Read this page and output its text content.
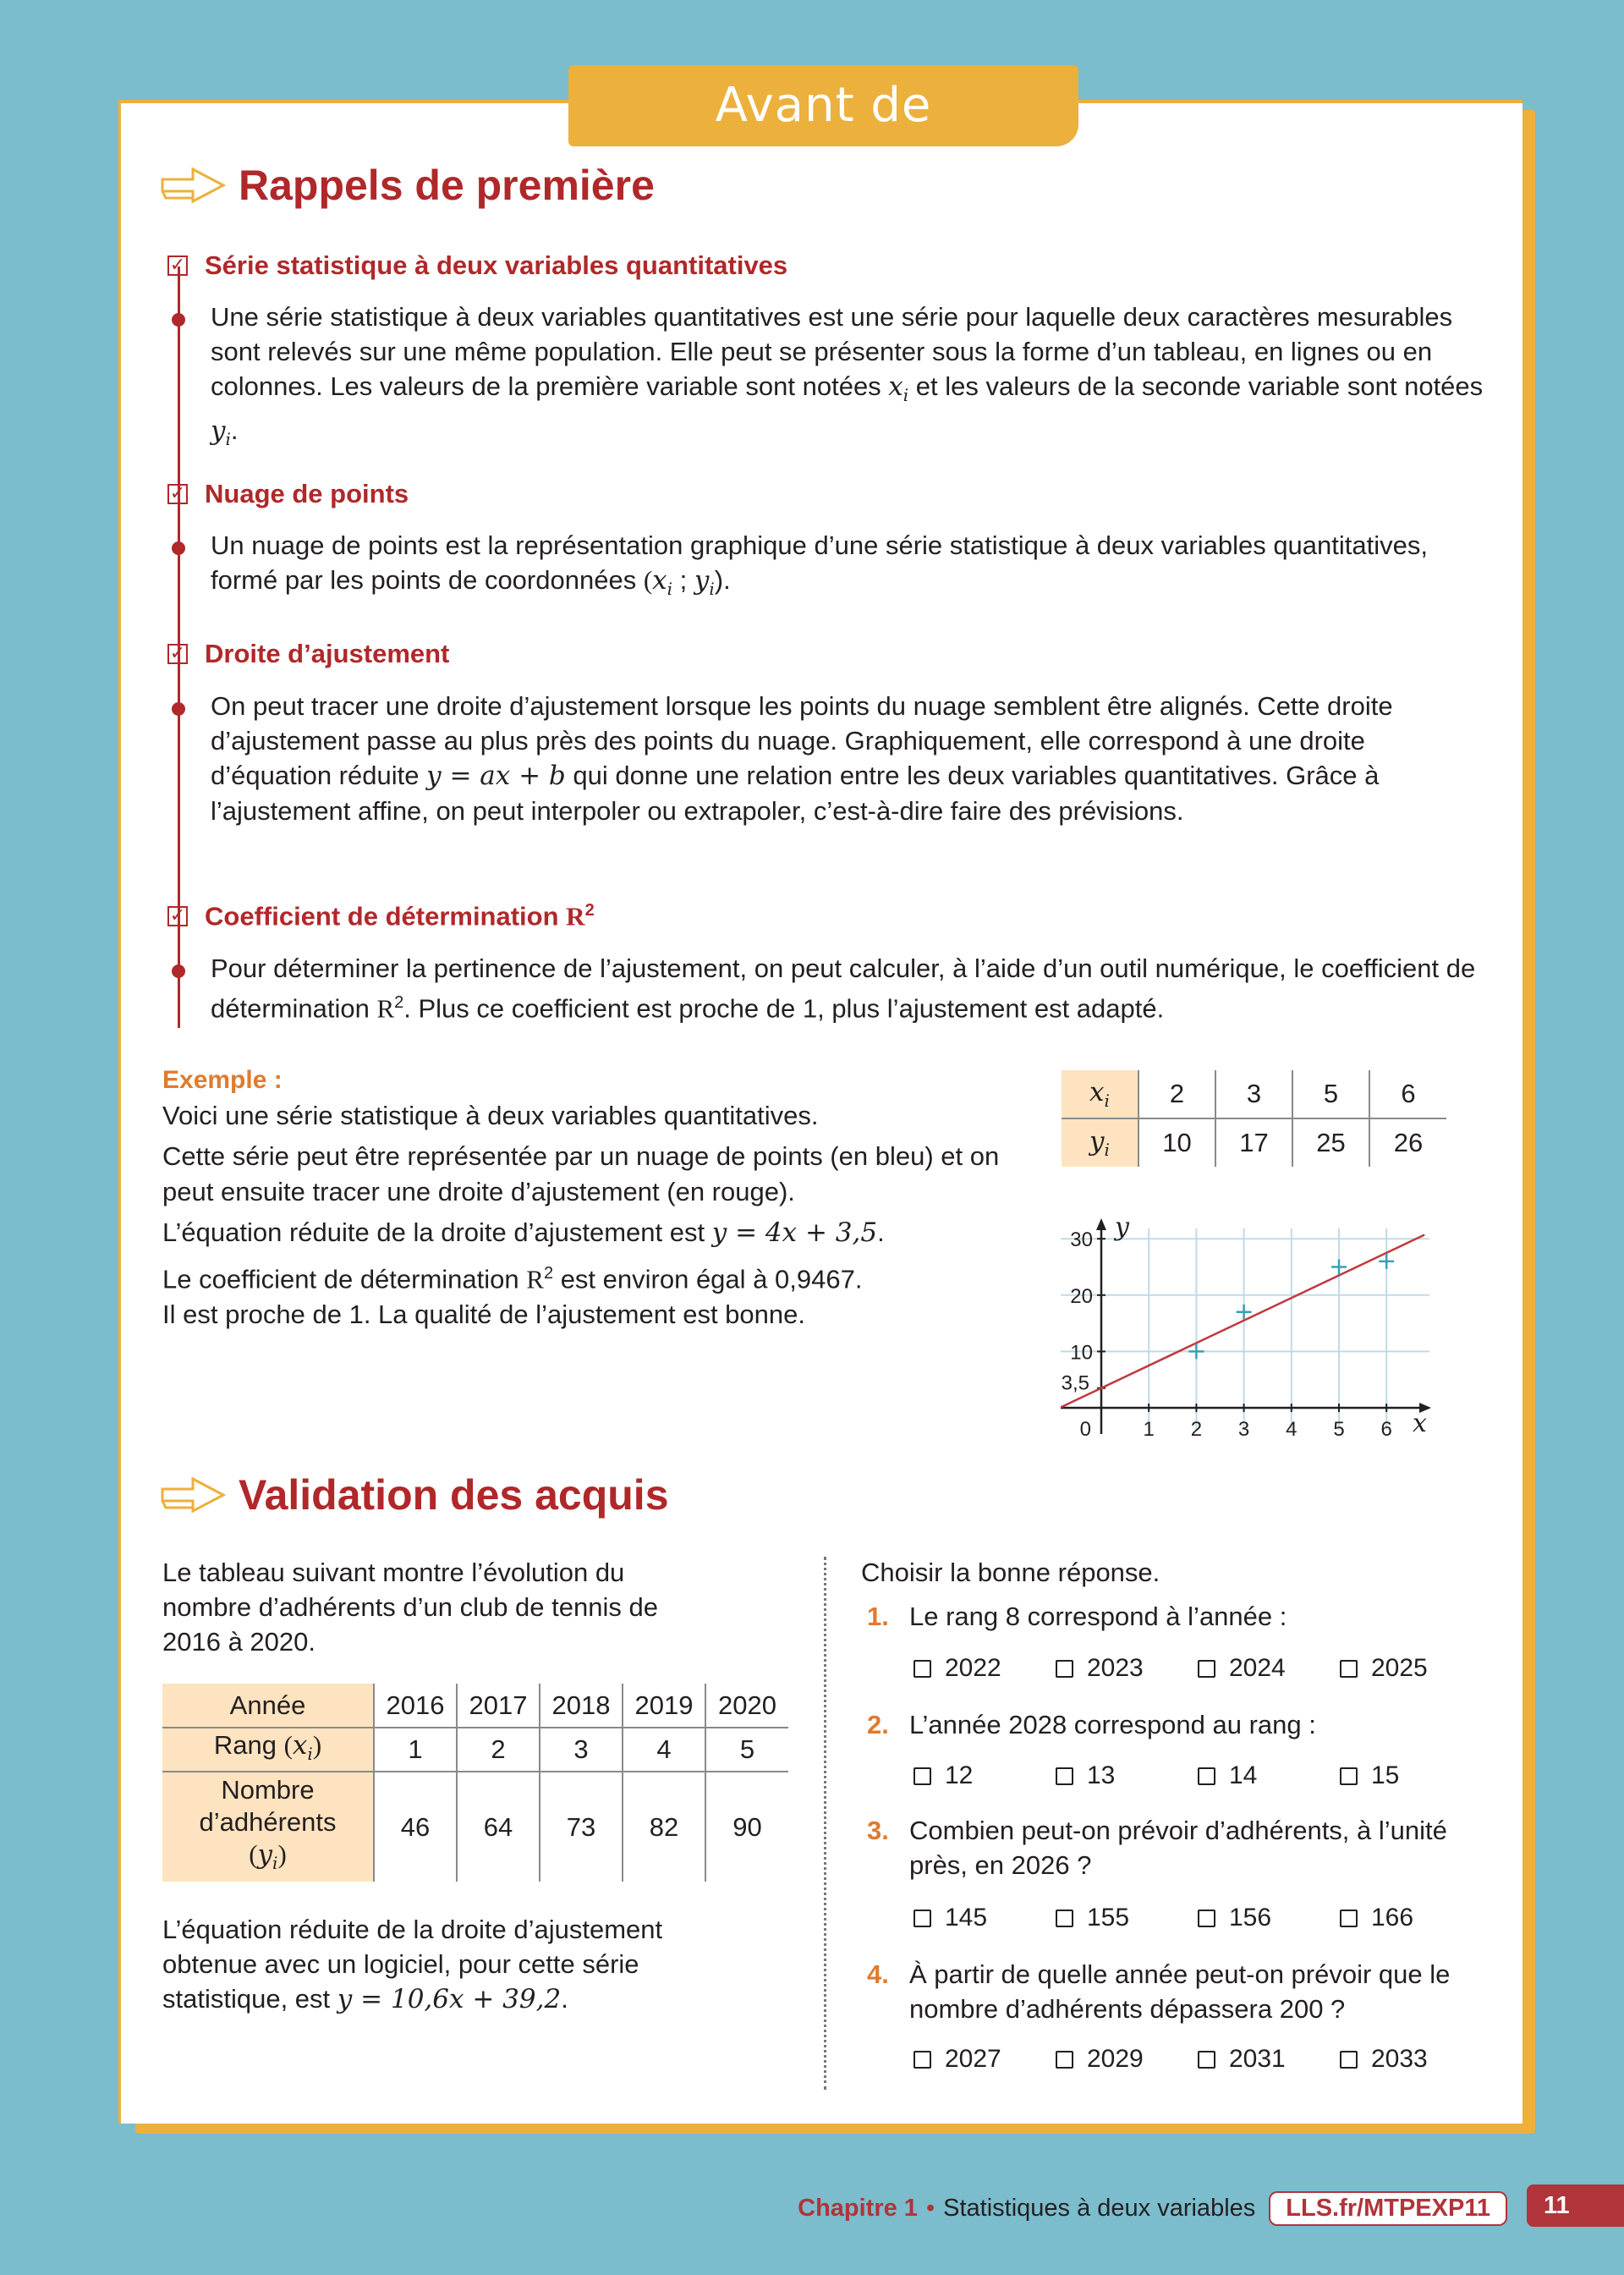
Avant de commencer
Rappels de première
✓ Série statistique à deux variables quantitatives
Une série statistique à deux variables quantitatives est une série pour laquelle deux caractères mesurables sont relevés sur une même population. Elle peut se présenter sous la forme d’un tableau, en lignes ou en colonnes. Les valeurs de la première variable sont notées $x_i$ et les valeurs de la seconde variable sont notées $y_i$.
✓ Nuage de points
Un nuage de points est la représentation graphique d’une série statistique à deux variables quantitatives, formé par les points de coordonnées ($x_i$ ; $y_i$).
✓ Droite d’ajustement
On peut tracer une droite d’ajustement lorsque les points du nuage semblent être alignés. Cette droite d’ajustement passe au plus près des points du nuage. Graphiquement, elle correspond à une droite d’équation réduite y = ax + b qui donne une relation entre les deux variables quantitatives. Grâce à l’ajustement affine, on peut interpoler ou extrapoler, c’est-à-dire faire des prévisions.
✓ Coefficient de détermination $R^2$
Pour déterminer la pertinence de l’ajustement, on peut calculer, à l’aide d’un outil numérique, le coefficient de détermination $R^2$. Plus ce coefficient est proche de 1, plus l’ajustement est adapté.
Exemple :
Voici une série statistique à deux variables quantitatives.
Cette série peut être représentée par un nuage de points (en bleu) et on peut ensuite tracer une droite d’ajustement (en rouge).
L’équation réduite de la droite d’ajustement est y = 4x + 3,5.
Le coefficient de détermination $R^2$ est environ égal à 0,9467.
Il est proche de 1. La qualité de l’ajustement est bonne.
$x_i$	2	3	5	6
$y_i$	10	17	25	26
1 2 3 4 5 6
10
20
30
3,5
0
y
x
Validation des acquis
Le tableau suivant montre l’évolution du nombre d’adhérents d’un club de tennis de 2016 à 2020.
Année	2016	2017	2018	2019	2020
Rang $(x_i)$	1	2	3	4	5

Nombre d’adhérents
$(y_i)$	46	64	73	82	90
L’équation réduite de la droite d’ajustement obtenue avec un logiciel, pour cette série statistique, est y = 10,6x + 39,2.
Choisir la bonne réponse.
1. Le rang 8 correspond à l’année :
2022	2023	2024	2025
2. L’année 2028 correspond au rang :
12	13	14	15
3. Combien peut-on prévoir d’adhérents, à l’unité près, en 2026 ?
145	155	156	166
4. À partir de quelle année peut-on prévoir que le nombre d’adhérents dépassera 200 ?
2027	2029	2031	2033
Chapitre 1 • Statistiques à deux variables	LLS.fr/MTPEXP11	11
